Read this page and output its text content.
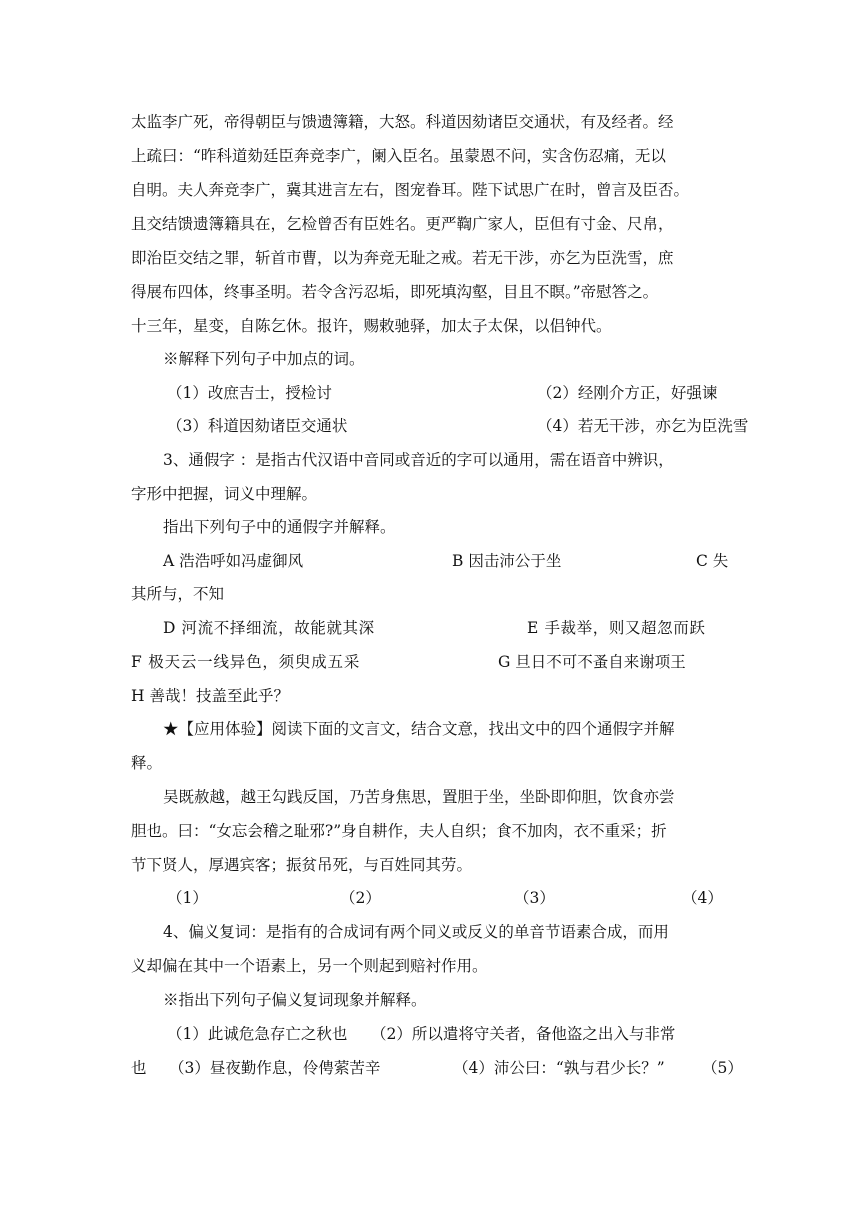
太监李广死，帝得朝臣与馈遗簿籍，大怒。科道因劾诸臣交通状，有及经者。经
上疏曰：“昨科道劾廷臣奔竞李广，阑入臣名。虽蒙恩不问，实含伤忍痛，无以
自明。夫人奔竞李广，冀其进言左右，图宠眷耳。陛下试思广在时，曾言及臣否。
且交结馈遗簿籍具在，乞检曾否有臣姓名。更严鞫广家人，臣但有寸金、尺帛，
即治臣交结之罪，斩首市曹，以为奔竞无耻之戒。若无干涉，亦乞为臣洗雪，庶
得展布四体，终事圣明。若令含污忍垢，即死填沟壑，目且不瞑。”帝慰答之。
十三年，星变，自陈乞休。报许，赐敕驰驿，加太子太保，以侣钟代。
※解释下列句子中加点的词。
（1）改庶吉士，授检讨	（2）经刚介方正，好强谏
（3）科道因劾诸臣交通状	（4）若无干涉，亦乞为臣洗雪
3、通假字 ：是指古代汉语中音同或音近的字可以通用，需在语音中辨识，
字形中把握，词义中理解。
指出下列句子中的通假字并解释。
A 浩浩呼如冯虚御风	B 因击沛公于坐	C 失
其所与，不知
D 河流不择细流，故能就其深	E 手裁举，则又超忽而跃
F 极天云一线异色，须臾成五采	G 旦日不可不蚤自来谢项王
H 善哉！技盖至此乎？
★【应用体验】阅读下面的文言文，结合文意，找出文中的四个通假字并解
释。
吴既赦越，越王勾践反国，乃苦身焦思，置胆于坐，坐卧即仰胆，饮食亦尝
胆也。曰：“女忘会稽之耻邪?”身自耕作，夫人自织；食不加肉，衣不重采；折
节下贤人，厚遇宾客；振贫吊死，与百姓同其劳。
（1）	（2）	（3）	（4）
4、偏义复词：是指有的合成词有两个同义或反义的单音节语素合成，而用
义却偏在其中一个语素上，另一个则起到赔衬作用。
※指出下列句子偏义复词现象并解释。
（1）此诚危急存亡之秋也 （2）所以遣将守关者，备他盗之出入与非常
也 （3）昼夜勤作息，伶俜萦苦辛	（4）沛公曰：“孰与君少长？” （5）
